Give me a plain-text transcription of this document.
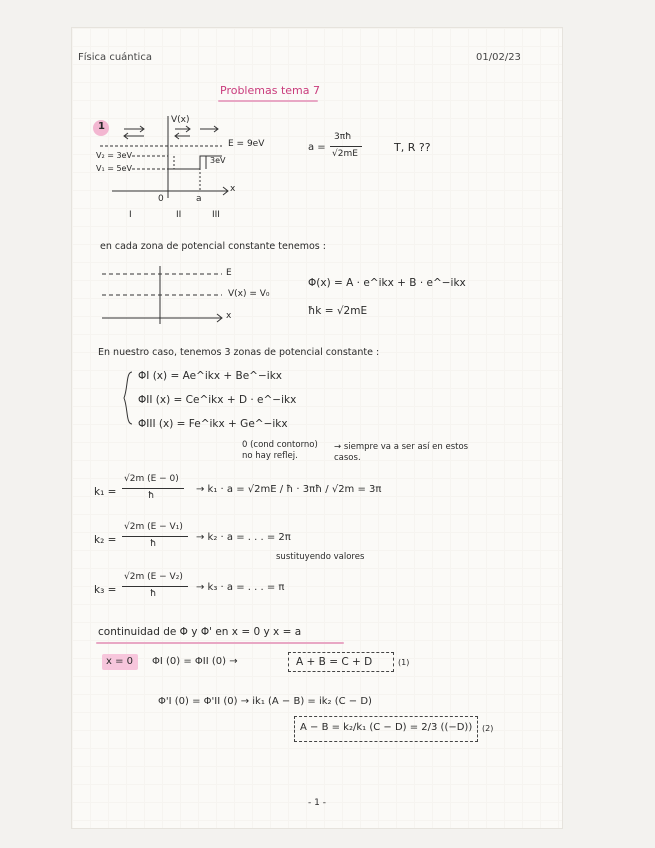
Física cuántica	01/02/23
Problemas tema 7
1
V(x)
E = 9eV
V₂ = 3eV
V₁ = 5eV
3eV
0	a
x
I	II	III
a =
3πħ
√2mE	T, R ??
en cada zona de potencial constante tenemos :
E
V(x) = V₀
x
Φ(x) = A · e^ikx + B · e^−ikx
ħk = √2mE
En nuestro caso, tenemos 3 zonas de potencial constante :
ΦI (x) = Ae^ikx + Be^−ikx
ΦII (x) = Ce^ikx + D · e^−ikx
ΦIII (x) = Fe^ikx + Ge^−ikx
0 (cond contorno) no hay reflej.
→ siempre va a ser así en estos casos.
k₁ =
√2m (E − 0)
ħ
→ k₁ · a = √2mE / ħ · 3πħ / √2m = 3π
k₂ =
√2m (E − V₁)
ħ
→ k₂ · a = . . . = 2π
sustituyendo valores
k₃ =
√2m (E − V₂)
ħ
→ k₃ · a = . . . = π
continuidad de Φ y Φ' en x = 0 y x = a
x = 0 ΦI (0) = ΦII (0) →	A + B = C + D	(1)
Φ'I (0) = Φ'II (0) → ik₁ (A − B) = ik₂ (C − D)
A − B = k₂/k₁ (C − D) = 2/3 ((−D)) (2)
- 1 -
